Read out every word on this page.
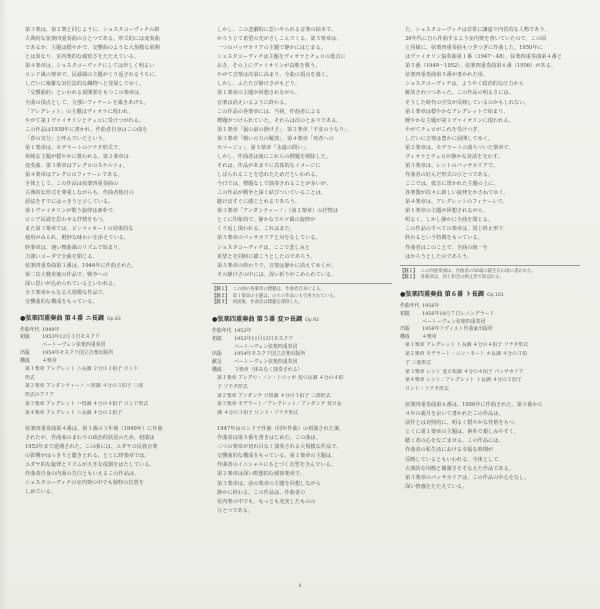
第３楽は、第２楽と同じように、ショスタコーヴィチの新

古典的な弦楽四重奏曲のひとつである。形式的には変奏曲

であるが、主題は穏やかで、交響曲のような大規模な展開

とは異なり、室内楽的な親密さをたたえている。

第４楽章は、ショスタコーヴィチにしては珍しく明るい

ロンド風の楽章で、民謡風の主題がくり返されるうちに、

しだいに複雑な対位法的な織物へと発展してゆく。

「交響曲的」といわれる展開部をもつこの楽章は、

全曲の頂点として、力強いフィナーレを築きあげる。

「アレグレット」の主題はヴィオラに現われ、

やがて第１ヴァイオリンとチェロに受けつがれる。

この作品は1938年に書かれ、作曲者自身はこの曲を

「春の気分」と呼んでいたという。

第１楽章は、モデラートのソナタ形式で、

単純な主題が穏やかに歌われる。第２楽章は

変奏曲、第３楽章はアレグロのスケルツォ、

第４楽章はアレグロのフィナーレである。

全体として、この作品は弦楽四重奏曲の

古典的な形式を尊重しながらも、作曲者独自の

語法をすでにはっきりと示している。

第１ヴァイオリンが歌う旋律は素朴で、

ロシア民謡を思わせる抒情をもつ。

また第３楽章では、ピッツィカートの効果的な

使用がみられ、軽妙な味わいを添えている。

終楽章は、速い舞曲風のリズムで始まり、

力強いコーダで全曲を閉じる。

弦楽四重奏曲第３番は、1946年に作曲された。

第二次大戦直後の作品で、戦争への

深い思いが込められているといわれる。

全５楽章からなる大規模な作品で、

交響曲的な構成をもっている。

●弦楽四重奏曲 第４番 ニ長調 Op.83
作曲年代 1949年
初演 1953年12月３日モスクワ
ベートーヴェン弦楽四重奏団
出版 1954年モスクワ国立音楽出版所
構成 ４楽章

第１楽章 アレグレット ニ長調 ２分の２拍子 ロンド

形式

第２楽章 アンダンティーノ ヘ短調 ４分の３拍子 三部

形式のアリア

第３楽章 アレグレット ハ短調 ４分の４拍子 ロンド形式

第４楽章 アレグレット ニ長調 ４分の２拍子

弦楽四重奏曲第４番は、第３番の３年後（1949年）に作曲

されたが、作曲家のまわりの政治的状況のため、初演は

1953年まで延期された。この曲には、ユダヤの民族音楽

の影響がはっきりと聴きとれる。とくに終楽章では、

ユダヤ的な旋律とリズムが大きな役割をはたしている。

作曲者自身の内面の告白ともいえるこの作品は、

ショスタコーヴィチの室内楽の中でも独特の位置を

しめている。

しかし、この悲劇的に思いやられる音楽の結末で、

かろうじて希望の光がさしこんでくる。第５楽章は、

一つのパッサカリアの主題で静かにはじまる。

ショスタコーヴィチは主題をヴィオラとチェロの低音に

おき、その上にヴァイオリンが哀歌を歌う。

やがて音楽は次第に高まり、全曲の頂点を築く。

しかし、ふたたび静けさがもどり、

第１楽章の主題が回想されながら、

音楽は消えいるように終わる。

この作品の各楽章には、当初、作曲者による

標題がつけられていた。それらは次のとおりである。

第１楽章「嵐の前の静けさ」、第２楽章「不安のうなり」、

第３楽章「戦いの力の解放」、第４楽章「死者への

ホマージュ」、第５楽章「永遠の問い」。

しかし、作曲者は後にこれらの標題を削除した。

それは、作品があまりに具体的なイメージに

しばられることを恐れたためだといわれる。

今日では、標題なしで演奏されることが多いが、

この作品が戦争と深く結びついていることは、

聴けばすぐに感じとれるであろう。

第３楽章「アンダンティーノ」（第２楽章）の抒情は

とくに印象的で、静かなワルツ風の旋律が

くり返し現われる。これはまた、

第５楽章のパッサカリアと対をなしている。

ショスタコーヴィチは、ここで悲しみと

希望とを同時に描こうとしたのであろう。

第５楽章の終わりで、音楽は静かに消えてゆくが、

その静けさの中には、深い祈りがこめられている。

【註１】 この曲の各楽章の標題は、作曲者自身による。
【註２】 第１楽章の主題は、のちの作品にも引用されている。
【註３】 初演後、作曲者は標題を削除した。
●弦楽四重奏曲 第５番 変ロ長調 Op.92
作曲年代 1952年
初演 1953年11月13日モスクワ
ベートーヴェン弦楽四重奏団
出版 1954年モスクワ国立音楽出版所
献呈 ベートーヴェン弦楽四重奏団
構成 ３楽章（休みなく演奏される）

第１楽章 アレグロ・ノン・トロッポ 変ロ長調 ４分の４拍

子 ソナタ形式

第２楽章 アンダンテ ロ短調 ４分の３拍子 三部形式

第３楽章 モデラート／アレグレット／アンダンテ 変ロ長

調 ４分の３拍子 ロンド・ソナタ形式

1947年はロンドで作曲（同年作曲）の初演された後、

作曲者は第５番を書きはじめた。この曲は、

三つの楽章が切れ目なく演奏される大規模な作品で、

交響曲的な構成をもっている。第１楽章の主題は、

作曲者のイニシャルにもとづく音型を含んでいる。

第２楽章は深い瞑想的な緩徐楽章で、

第３楽章は、前の楽章の主題を回想しながら

静かに終わる。この作品は、作曲者の

室内楽の中でも、もっとも充実したものの

ひとつである。

た、ショスタコーヴィチは非常に謙虚で内省的な人物であり、

30年代に自ら作曲するよう室内楽を書いていたので、この頃

と同様に、弦楽四重奏曲もつぎつぎに作曲した。1950年に

はヴァイオリン協奏曲第１番（1947〜48）、弦楽四重奏曲第４番と

第５番（1949〜1952）、弦楽四重奏曲第６番（1956）がある。

弦楽四重奏曲第５番が書かれた頃、

ショスタコーヴィチは、ようやく政治的な圧力から

解放されつつあった。この作品の明るさには、

そうした時代の空気が反映しているのかもしれない。

第１楽章は穏やかなアレグレットで始まり、

軽やかな主題が第１ヴァイオリンに現われる。

やがてチェロがこれを受けつぎ、

しだいに音楽は豊かに展開してゆく。

第２楽章は、モデラートの落ちついた楽章で、

ヴィオラとチェロが静かな対話を交わす。

第３楽章は、レントのパッサカリアで、

作曲者の好んだ形式のひとつである。

ここでは、低音に置かれた主題の上に、

各楽器が次々に新しい旋律をかさねてゆく。

第４楽章は、アレグレットのフィナーレで、

第１楽章の主題が回想されながら、

明るく、しかし静かに全曲を閉じる。

この作品のすべての楽章は、同じ終止形で

終わるという特徴をもっている。

作曲者はこのことで、全曲の統一を

はかろうとしたのであろう。

【註１】 この四重奏曲は、作曲者の50歳の誕生日の頃に書かれた。
【註２】 各楽章は、同じ和音の終止形で結ばれる。
●弦楽四重奏曲 第６番 ト長調 Op.101
作曲年代 1956年
初演 1956年10月７日レニングラード
ベートーヴェン弦楽四重奏団
出版 1958年ソヴィエト作曲家出版所
構成 ４楽章

第１楽章 アレグレット ト長調 ４分の４拍子 ソナタ形式

第２楽章 モデラート・コン・モート ホ長調 ４分の３拍

子 三部形式

第３楽章 レント 変ロ短調 ４分の４拍子 パッサカリア

第４楽章 レント／アレグレット ト長調 ４分の２拍子

ロンド・ソナタ形式

弦楽四重奏曲第６番は、1956年に作曲された。第５番から

４年の歳月をおいて書かれたこの作品は、

前作とは対照的に、明るく穏やかな性格をもつ。

とくに第１楽章の主題は、素朴で親しみやすく、

聴く者の心をなごませる。この作品には、

作曲者の私生活における幸福な時期が

反映しているともいわれる。全体として、

古典的な均衡と簡潔さをそなえた作品である。

第３楽章のパッサカリアは、この作品の中心をなし、

深い情感をたたえている。

8
